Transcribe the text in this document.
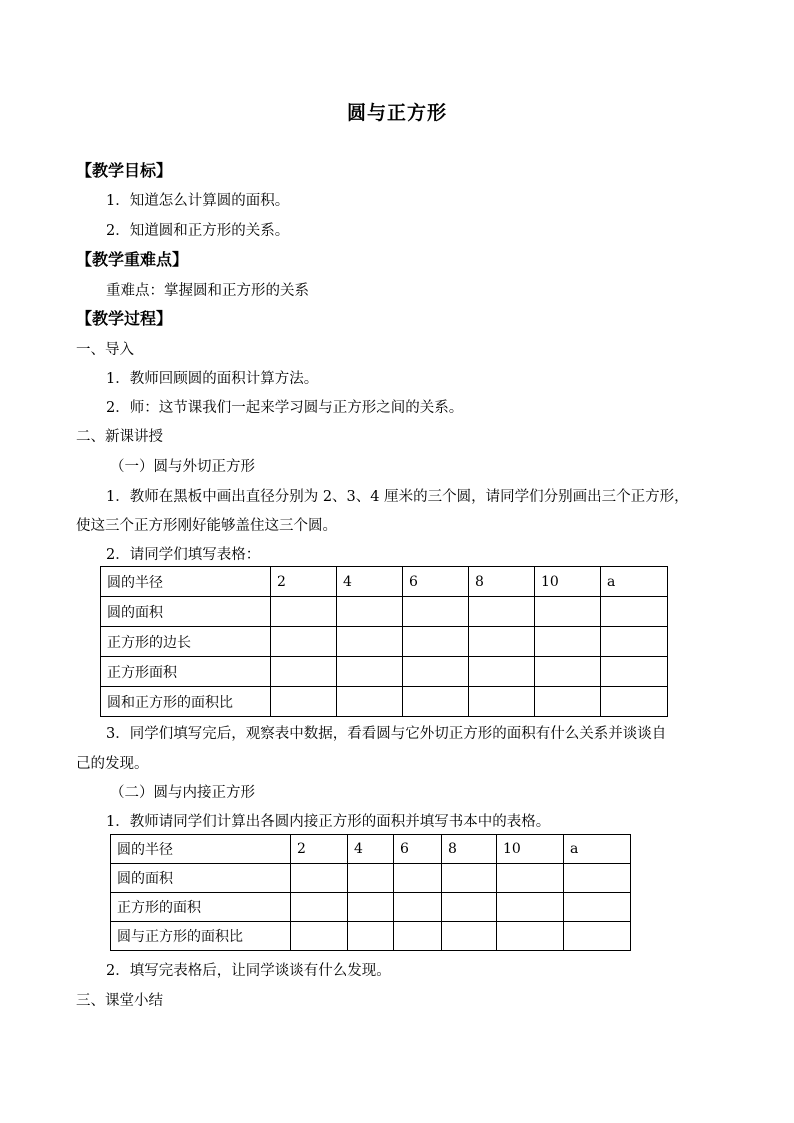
圆与正方形
【教学目标】
1．知道怎么计算圆的面积。
2．知道圆和正方形的关系。
【教学重难点】
重难点：掌握圆和正方形的关系
【教学过程】
一、导入
1．教师回顾圆的面积计算方法。
2．师：这节课我们一起来学习圆与正方形之间的关系。
二、新课讲授
（一）圆与外切正方形
1．教师在黑板中画出直径分别为 2、3、4 厘米的三个圆，请同学们分别画出三个正方形，
使这三个正方形刚好能够盖住这三个圆。
2．请同学们填写表格：
圆的半径	2	4	6	8	10	a
圆的面积						
正方形的边长						
正方形面积						
圆和正方形的面积比						
3．同学们填写完后，观察表中数据，看看圆与它外切正方形的面积有什么关系并谈谈自
己的发现。
（二）圆与内接正方形
1．教师请同学们计算出各圆内接正方形的面积并填写书本中的表格。
圆的半径	2	4	6	8	10	a
圆的面积						
正方形的面积						
圆与正方形的面积比						
2．填写完表格后，让同学谈谈有什么发现。
三、课堂小结
